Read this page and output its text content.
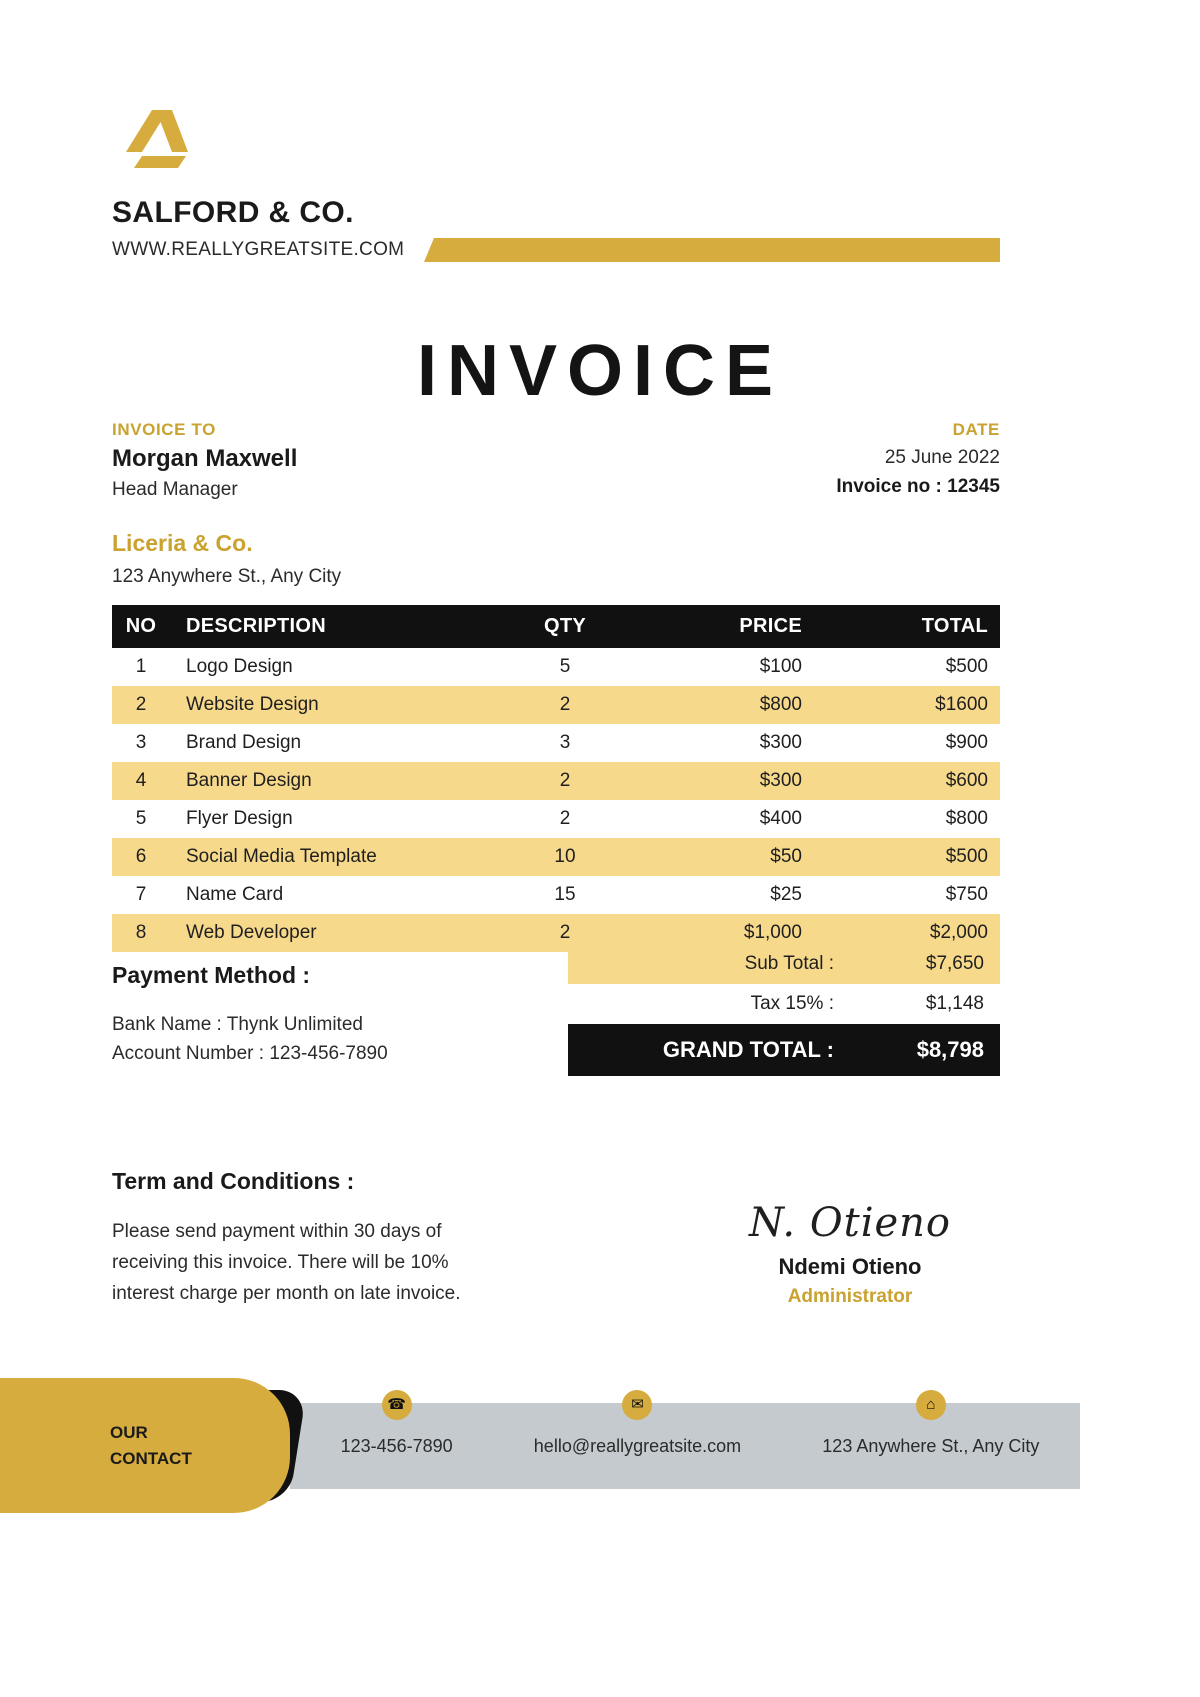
SALFORD & CO.
WWW.REALLYGREATSITE.COM
INVOICE
INVOICE TO
Morgan Maxwell
Head Manager
Liceria & Co.
123 Anywhere St., Any City
DATE
25 June 2022
Invoice no : 12345
NO	DESCRIPTION	QTY	PRICE	TOTAL
1	Logo Design	5	$100	$500
2	Website Design	2	$800	$1600
3	Brand Design	3	$300	$900
4	Banner Design	2	$300	$600
5	Flyer Design	2	$400	$800
6	Social Media Template	10	$50	$500
7	Name Card	15	$25	$750
8	Web Developer	2	$1,000	$2,000
Payment Method :

Bank Name : Thynk Unlimited
Account Number : 123-456-7890

Sub Total :	$7,650
Tax 15% :	$1,148
GRAND TOTAL :	$8,798
Term and Conditions :

Please send payment within 30 days of receiving this invoice. There will be 10% interest charge per month on late invoice.

N. Otieno
Ndemi Otieno
Administrator
OUR
CONTACT
☎
123-456-7890
✉
hello@reallygreatsite.com
⌂
123 Anywhere St., Any City
